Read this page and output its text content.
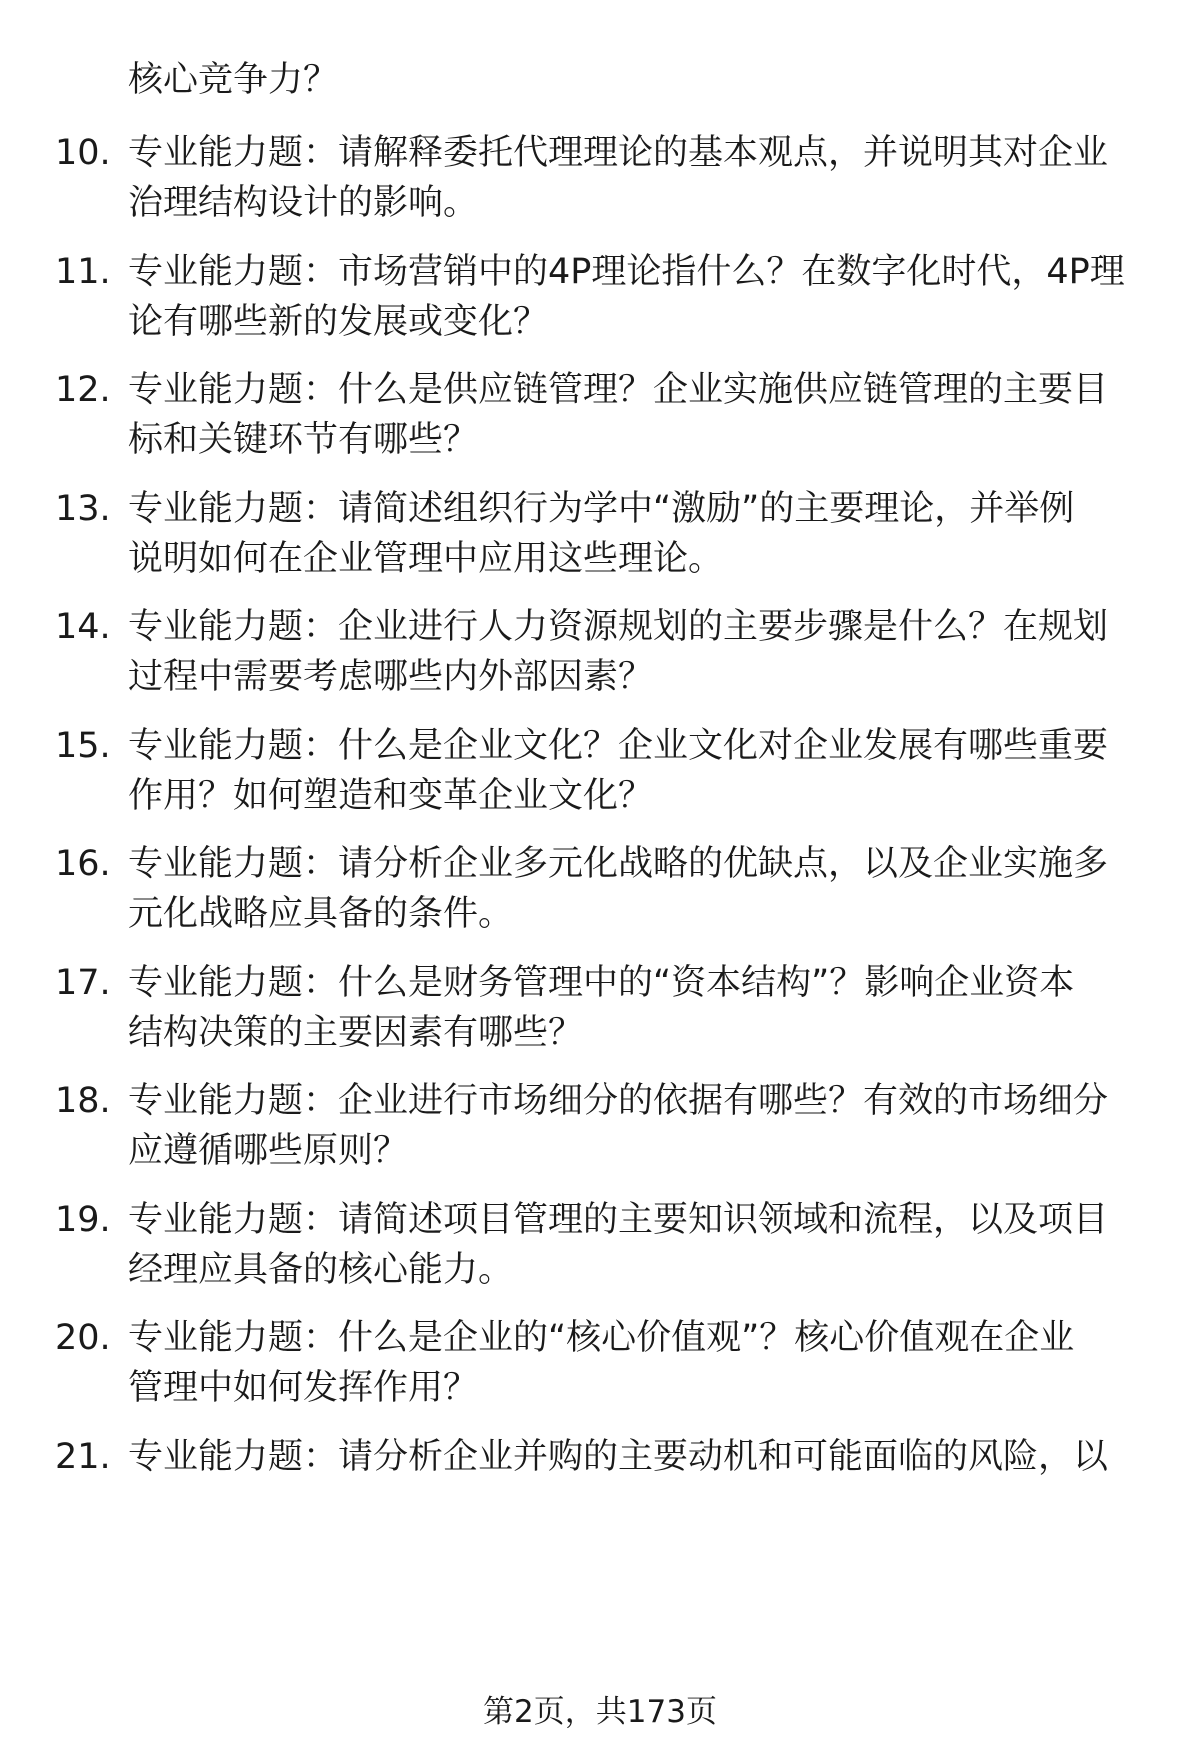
核心竞争力？
10. 专业能力题：请解释委托代理理论的基本观点，并说明其对企业
治理结构设计的影响。
11. 专业能力题：市场营销中的4P理论指什么？在数字化时代，4P理
论有哪些新的发展或变化？
12. 专业能力题：什么是供应链管理？企业实施供应链管理的主要目
标和关键环节有哪些？
13. 专业能力题：请简述组织行为学中“激励”的主要理论，并举例
说明如何在企业管理中应用这些理论。
14. 专业能力题：企业进行人力资源规划的主要步骤是什么？在规划
过程中需要考虑哪些内外部因素？
15. 专业能力题：什么是企业文化？企业文化对企业发展有哪些重要
作用？如何塑造和变革企业文化？
16. 专业能力题：请分析企业多元化战略的优缺点，以及企业实施多
元化战略应具备的条件。
17. 专业能力题：什么是财务管理中的“资本结构”？影响企业资本
结构决策的主要因素有哪些？
18. 专业能力题：企业进行市场细分的依据有哪些？有效的市场细分
应遵循哪些原则？
19. 专业能力题：请简述项目管理的主要知识领域和流程，以及项目
经理应具备的核心能力。
20. 专业能力题：什么是企业的“核心价值观”？核心价值观在企业
管理中如何发挥作用？
21. 专业能力题：请分析企业并购的主要动机和可能面临的风险，以
第2页，共173页
